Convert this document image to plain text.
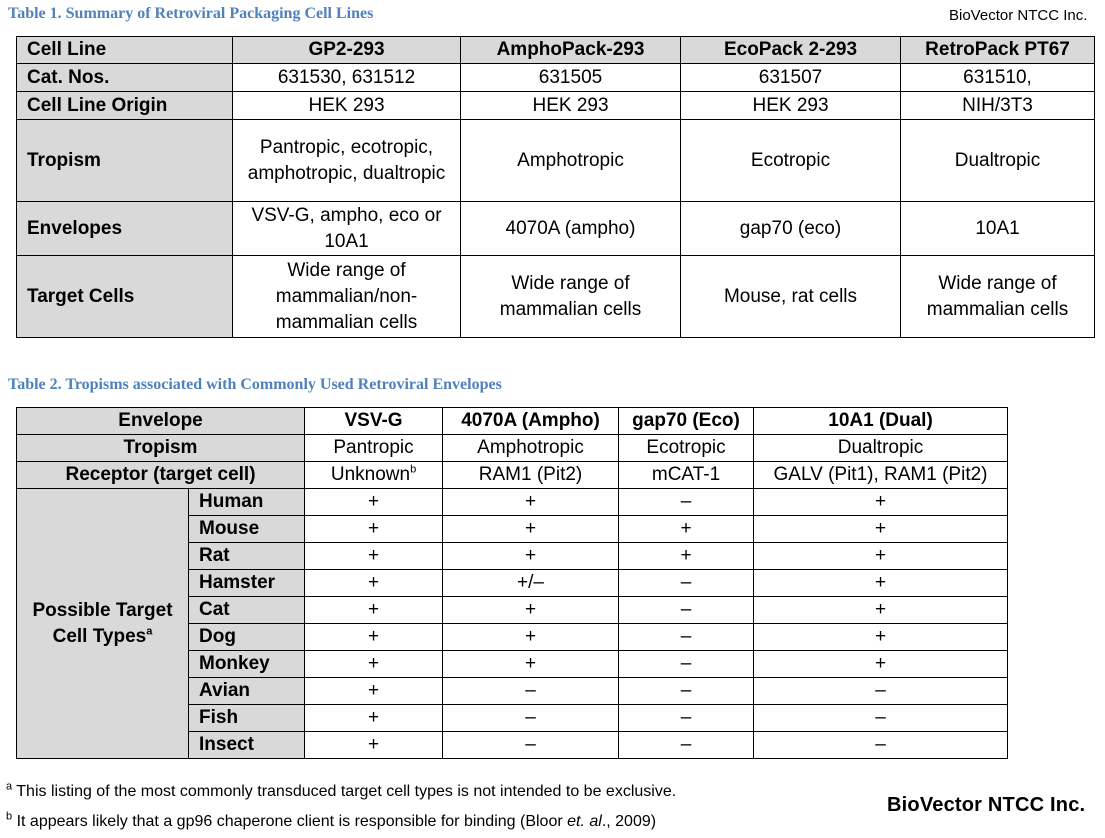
Table 1. Summary of Retroviral Packaging Cell Lines	BioVector NTCC Inc.
Cell Line	GP2-293	AmphoPack-293	EcoPack 2-293	RetroPack PT67
Cat. Nos.	631530, 631512	631505	631507	631510,
Cell Line Origin	HEK 293	HEK 293	HEK 293	NIH/3T3
Tropism	Pantropic, ecotropic, amphotropic, dualtropic	Amphotropic	Ecotropic	Dualtropic
Envelopes	VSV-G, ampho, eco or 10A1	4070A (ampho)	gap70 (eco)	10A1
Target Cells	Wide range of mammalian/non-mammalian cells	Wide range of mammalian cells	Mouse, rat cells	Wide range of mammalian cells
Table 2. Tropisms associated with Commonly Used Retroviral Envelopes
Envelope		VSV-G	4070A (Ampho)	gap70 (Eco)	10A1 (Dual)
Tropism		Pantropic	Amphotropic	Ecotropic	Dualtropic
Receptor (target cell)		Unknown$^b$	RAM1 (Pit2)	mCAT-1	GALV (Pit1), RAM1 (Pit2)
Possible Target Cell Types$^a$	Human	+	+	–	+
	Mouse	+	+	+	+
	Rat	+	+	+	+
	Hamster	+	+/–	–	+
	Cat	+	+	–	+
	Dog	+	+	–	+
	Monkey	+	+	–	+
	Avian	+	–	–	–
	Fish	+	–	–	–
	Insect	+	–	–	–
$^a$ This listing of the most commonly transduced target cell types is not intended to be exclusive.
$^b$ It appears likely that a gp96 chaperone client is responsible for binding (Bloor et. al., 2009)
BioVector NTCC Inc.
